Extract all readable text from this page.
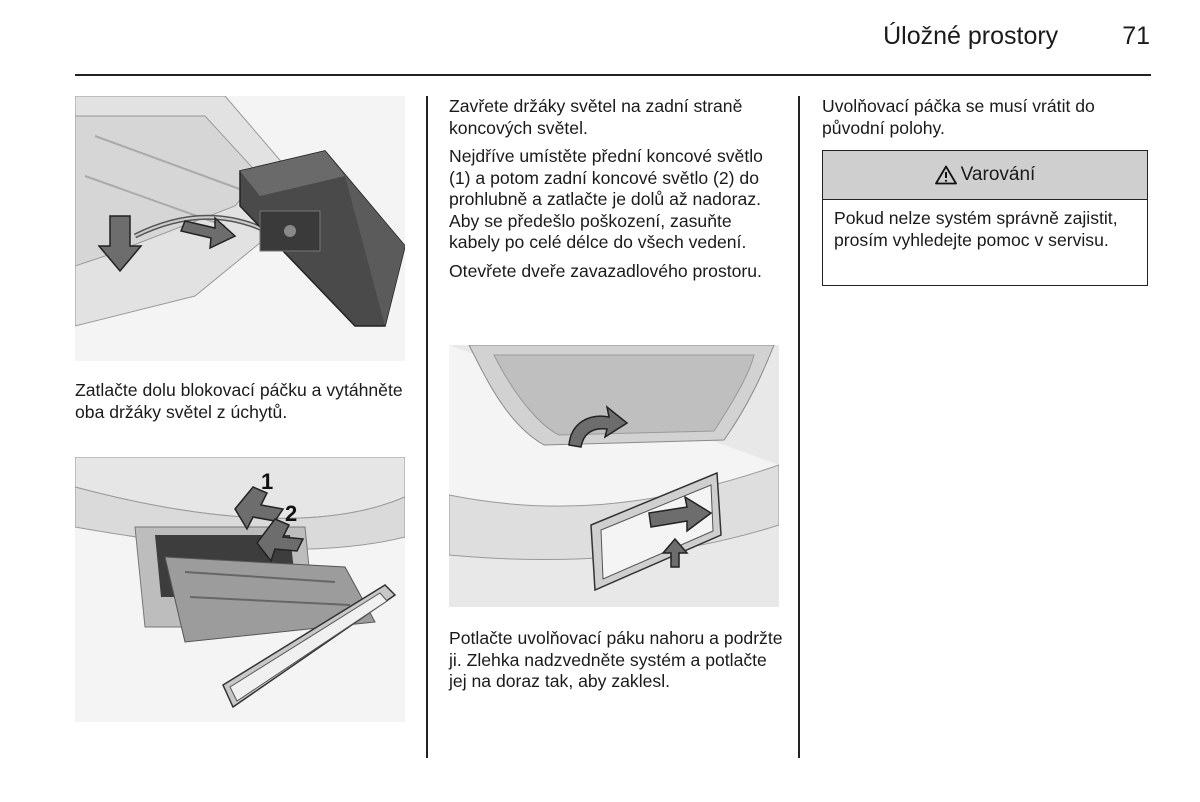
Úložné prostory	71

Zatlačte dolu blokovací páčku a vytáhněte oba držáky světel z úchytů.

1
2

Zavřete držáky světel na zadní straně koncových světel.

Nejdříve umístěte přední koncové světlo (1) a potom zadní koncové světlo (2) do prohlubně a zatlačte je dolů až nadoraz. Aby se předešlo poškození, zasuňte kabely po celé délce do všech vedení.

Otevřete dveře zavazadlového prostoru.

Potlačte uvolňovací páku nahoru a podržte ji. Zlehka nadzvedněte systém a potlačte jej na doraz tak, aby zaklesl.

Uvolňovací páčka se musí vrátit do původní polohy.

Varování
Pokud nelze systém správně zajistit, prosím vyhledejte pomoc v servisu.
